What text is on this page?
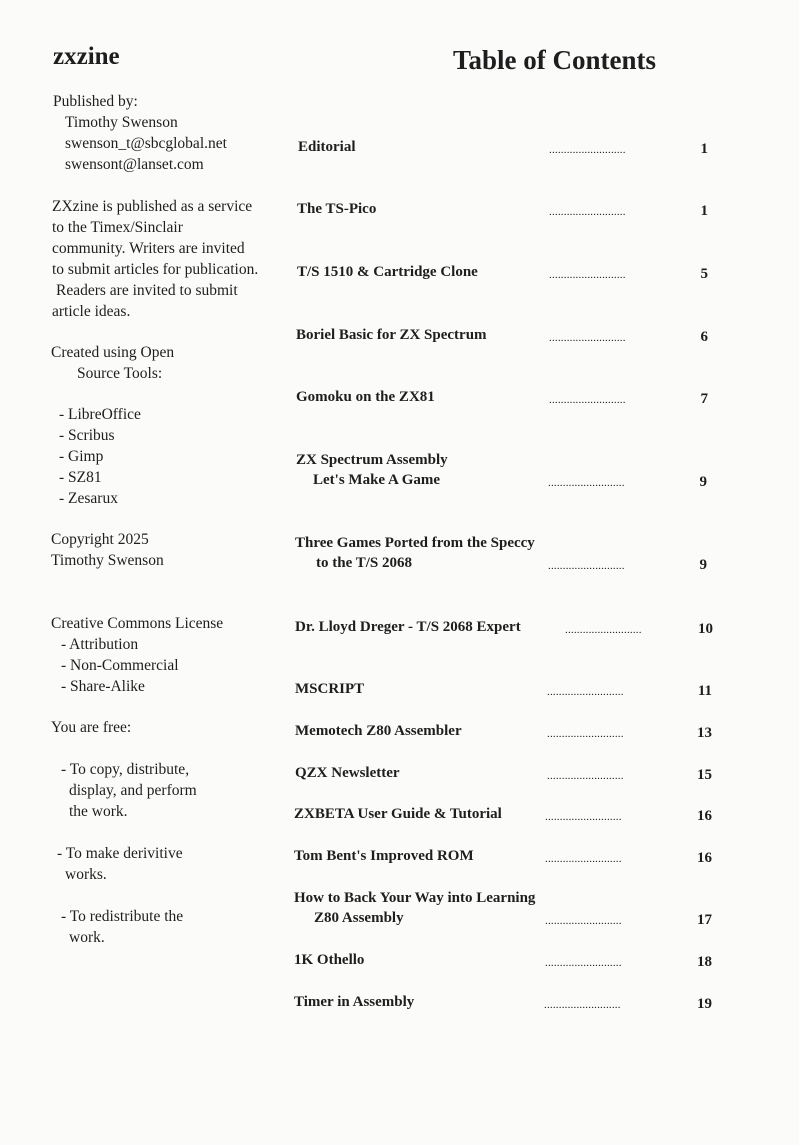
zxzine	Table of Contents
Published by:
Timothy Swenson
swenson_t@sbcglobal.net
swensont@lanset.com
ZXzine is published as a service
to the Timex/Sinclair
community. Writers are invited
to submit articles for publication.
Readers are invited to submit
article ideas.
Created using Open
Source Tools:
- LibreOffice
- Scribus
- Gimp
- SZ81
- Zesarux
Copyright 2025
Timothy Swenson
Creative Commons License
- Attribution
- Non-Commercial
- Share-Alike
You are free:
- To copy, distribute,
display, and perform
the work.
- To make derivitive
works.
- To redistribute the
work.
Editorial	..........................	1
The TS-Pico	..........................	1
T/S 1510 & Cartridge Clone	..........................	5
Boriel Basic for ZX Spectrum	..........................	6
Gomoku on the ZX81	..........................	7
ZX Spectrum Assembly
Let's Make A Game	..........................	9
Three Games Ported from the Speccy
to the T/S 2068	..........................	9
Dr. Lloyd Dreger - T/S 2068 Expert	..........................	10
MSCRIPT	..........................	11
Memotech Z80 Assembler	..........................	13
QZX Newsletter	..........................	15
ZXBETA User Guide & Tutorial	..........................	16
Tom Bent's Improved ROM	..........................	16
How to Back Your Way into Learning
Z80 Assembly	..........................	17
1K Othello	..........................	18
Timer in Assembly	..........................	19
